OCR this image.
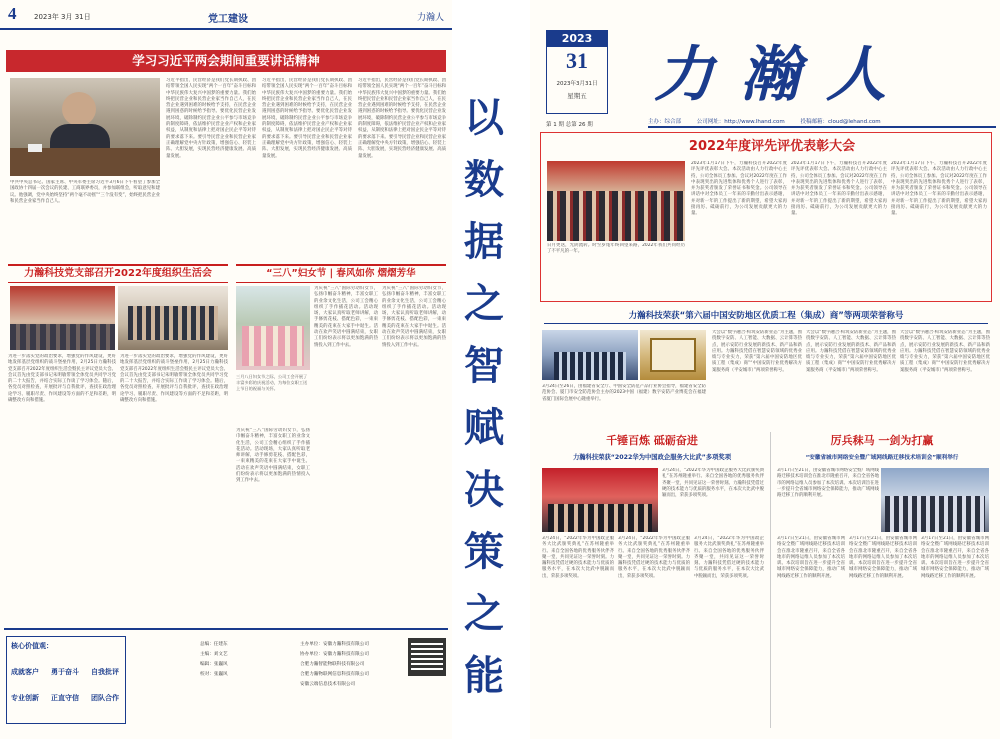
4	2023年 3月 31日	党工建设	力瀚人
学习习近平两会期间重要讲话精神
中共中央总书记、国家主席、中央军委主席习近平3月6日下午看望了参加全国政协十四届一次会议的民建、工商联界委员，并参加联组会，听取意见和建议。他强调，党中央始终坚持“两个毫不动摇”“三个没有变”，始终把民营企业和民营企业家当作自己人。
习近平指出，民营经济是我们党长期执政、团结带领全国人民实现“两个一百年”奋斗目标和中华民族伟大复兴中国梦的重要力量。我们始终把民营企业和民营企业家当作自己人，在民营企业遇到困难的时候给予支持，在民营企业遇到困惑的时候给予指导。要优化民营企业发展环境，破除制约民营企业公平参与市场竞争的制度障碍，依法维护民营企业产权和企业家权益，从制度和法律上把对国企民企平等对待的要求落下来。要引导民营企业和民营企业家正确理解党中央方针政策，增强信心、轻装上阵、大胆发展，实现民营经济健康发展、高质量发展。
习近平指出，民营经济是我们党长期执政、团结带领全国人民实现“两个一百年”奋斗目标和中华民族伟大复兴中国梦的重要力量。我们始终把民营企业和民营企业家当作自己人，在民营企业遇到困难的时候给予支持，在民营企业遇到困惑的时候给予指导。要优化民营企业发展环境，破除制约民营企业公平参与市场竞争的制度障碍，依法维护民营企业产权和企业家权益，从制度和法律上把对国企民企平等对待的要求落下来。要引导民营企业和民营企业家正确理解党中央方针政策，增强信心、轻装上阵、大胆发展，实现民营经济健康发展、高质量发展。
习近平指出，民营经济是我们党长期执政、团结带领全国人民实现“两个一百年”奋斗目标和中华民族伟大复兴中国梦的重要力量。我们始终把民营企业和民营企业家当作自己人，在民营企业遇到困难的时候给予支持，在民营企业遇到困惑的时候给予指导。要优化民营企业发展环境，破除制约民营企业公平参与市场竞争的制度障碍，依法维护民营企业产权和企业家权益，从制度和法律上把对国企民企平等对待的要求落下来。要引导民营企业和民营企业家正确理解党中央方针政策，增强信心、轻装上阵、大胆发展，实现民营经济健康发展、高质量发展。
力瀚科技党支部召开2022年度组织生活会
为进一步落实党的政治要求，增强党的作风建设，更好地发挥基层党组织的战斗堡垒作用，2月25日力瀚科技党支部召开2022年度组织生活会暨民主评议党员大会。会议首先由党支部书记朱明敏带领全体党员共同学习党的二十大报告，并结合实际工作谈了学习体会。随后，各党员对照检查，开展批评与自我批评，查找在政治理论学习、履职尽责、作风建设等方面的不足和差距，明确整改方向和措施。
为进一步落实党的政治要求，增强党的作风建设，更好地发挥基层党组织的战斗堡垒作用，2月25日力瀚科技党支部召开2022年度组织生活会暨民主评议党员大会。会议首先由党支部书记朱明敏带领全体党员共同学习党的二十大报告，并结合实际工作谈了学习体会。随后，各党员对照检查，开展批评与自我批评，查找在政治理论学习、履职尽责、作风建设等方面的不足和差距，明确整改方向和措施。
“三八”妇女节 | 春风如你 熠熠芳华
三月八日妇女节之际，公司工会开展了丰富多彩的庆祝活动，为每位女职工送上节日的祝福与关怀。
为庆祝“三八”国际劳动妇女节，弘扬巾帼奋斗精神，丰富女职工的业余文化生活，公司工会精心组织了手作插花活动。活动现场，大家认真听取老师讲解，动手修剪花枝、搭配色彩，一束束精美的花束在大家手中诞生。活动在欢声笑语中圆满结束，女职工们纷纷表示将以更加饱满的热情投入到工作中去。
为庆祝“三八”国际劳动妇女节，弘扬巾帼奋斗精神，丰富女职工的业余文化生活，公司工会精心组织了手作插花活动。活动现场，大家认真听取老师讲解，动手修剪花枝、搭配色彩，一束束精美的花束在大家手中诞生。活动在欢声笑语中圆满结束，女职工们纷纷表示将以更加饱满的热情投入到工作中去。
为庆祝“三八”国际劳动妇女节，弘扬巾帼奋斗精神，丰富女职工的业余文化生活，公司工会精心组织了手作插花活动。活动现场，大家认真听取老师讲解，动手修剪花枝、搭配色彩，一束束精美的花束在大家手中诞生。活动在欢声笑语中圆满结束，女职工们纷纷表示将以更加饱满的热情投入到工作中去。
核心价值观：
成就客户 勇于奋斗 自我批评
专业创新 正直守信 团队合作
总编：任建东
主编：刘文艺
编辑：张巍风
校对：张巍风
主办单位：安徽力瀚科技有限公司
协办单位：安徽力瀚科技有限公司
合肥力瀚智能物联科技有限公司
合肥力瀚物联网信息科技有限公司
安徽云端信息技术有限公司
以
数
据
之
智
赋
决
策
之
能
2023
31
2023年3月31日
星期五
第 1 期 总第 26 期
力瀚人
主办：综合部	公司网址：http://www.lhand.com	投稿邮箱：cloud@lehand.com
2022年度评先评优表彰大会
日月更迭，光阴流转。时至岁尾年终回望来路，2022年我们共同经历了不平凡的一年。
2023年1月17日下午，力瀚科技召开2022年度评先评优表彰大会。本次活动由人力行政中心主持，公司全体员工参加。会议对2022年度在工作中表现突出的先进集体和优秀个人进行了表彰，并为获奖者颁发了荣誉证书和奖金。公司领导在讲话中对全体员工一年来的辛勤付出表示感谢，并对新一年的工作提出了新的期望，希望大家再接再厉、砥砺前行，为公司发展贡献更大的力量。
2023年1月17日下午，力瀚科技召开2022年度评先评优表彰大会。本次活动由人力行政中心主持，公司全体员工参加。会议对2022年度在工作中表现突出的先进集体和优秀个人进行了表彰，并为获奖者颁发了荣誉证书和奖金。公司领导在讲话中对全体员工一年来的辛勤付出表示感谢，并对新一年的工作提出了新的期望，希望大家再接再厉、砥砺前行，为公司发展贡献更大的力量。
2023年1月17日下午，力瀚科技召开2022年度评先评优表彰大会。本次活动由人力行政中心主持，公司全体员工参加。会议对2022年度在工作中表现突出的先进集体和优秀个人进行了表彰，并为获奖者颁发了荣誉证书和奖金。公司领导在讲话中对全体员工一年来的辛勤付出表示感谢，并对新一年的工作提出了新的期望，希望大家再接再厉、砥砺前行，为公司发展贡献更大的力量。
力瀚科技荣获“第六届中国安防地区优质工程（集成）商”等两项荣誉称号
3月24日至26日，由福建省安全厅、中国安全防范产品行业协会指导，福建省安全防范协会、厦门市安全防范协会主办的2023中国（福建）数字安防产业博览会在福建省厦门国际会展中心隆重举行。
大会以“数字融合·构筑安防新业态”为主题，围绕数字安防、人工智能、大数据、云计算等热点，展示安防行业发展的新技术、新产品和新应用。力瀚科技凭借在智慧安防领域的优秀业绩与专业实力，荣获“第六届中国安防地区优质工程（集成）商”“中国安防行业优秀解决方案服务商（平安城市）”两项荣誉称号。
大会以“数字融合·构筑安防新业态”为主题，围绕数字安防、人工智能、大数据、云计算等热点，展示安防行业发展的新技术、新产品和新应用。力瀚科技凭借在智慧安防领域的优秀业绩与专业实力，荣获“第六届中国安防地区优质工程（集成）商”“中国安防行业优秀解决方案服务商（平安城市）”两项荣誉称号。
大会以“数字融合·构筑安防新业态”为主题，围绕数字安防、人工智能、大数据、云计算等热点，展示安防行业发展的新技术、新产品和新应用。力瀚科技凭借在智慧安防领域的优秀业绩与专业实力，荣获“第六届中国安防地区优质工程（集成）商”“中国安防行业优秀解决方案服务商（平安城市）”两项荣誉称号。
千锤百炼 砥砺奋进
力瀚科技荣获“2022华为中国政企服务大比武”多项奖项
3月24日，“2022年华为中国政企服务大比武颁奖典礼”在苏州隆重举行。来自全国各地的优秀服务伙伴齐聚一堂，共同见证这一荣誉时刻。力瀚科技凭借过硬的技术能力与优质的服务水平，在本次大比武中脱颖而出，荣获多项奖项。
3月24日，“2022年华为中国政企服务大比武颁奖典礼”在苏州隆重举行。来自全国各地的优秀服务伙伴齐聚一堂，共同见证这一荣誉时刻。力瀚科技凭借过硬的技术能力与优质的服务水平，在本次大比武中脱颖而出，荣获多项奖项。
3月24日，“2022年华为中国政企服务大比武颁奖典礼”在苏州隆重举行。来自全国各地的优秀服务伙伴齐聚一堂，共同见证这一荣誉时刻。力瀚科技凭借过硬的技术能力与优质的服务水平，在本次大比武中脱颖而出，荣获多项奖项。
3月24日，“2022年华为中国政企服务大比武颁奖典礼”在苏州隆重举行。来自全国各地的优秀服务伙伴齐聚一堂，共同见证这一荣誉时刻。力瀚科技凭借过硬的技术能力与优质的服务水平，在本次大比武中脱颖而出，荣获多项奖项。
厉兵秣马 一剑为打赢
“安徽省城市网络安全暨广域网线路迁移技术培训会”顺利举行
3月17日至21日，由安徽省城市网络安全暨广域网线路迁移技术培训会在淮北市隆重召开，来自全省各地市的网络运维人员参加了本次培训。本次培训旨在进一步提升全省城市网络安全保障能力，推动广域网线路迁移工作的顺利开展。
3月17日至21日，由安徽省城市网络安全暨广域网线路迁移技术培训会在淮北市隆重召开，来自全省各地市的网络运维人员参加了本次培训。本次培训旨在进一步提升全省城市网络安全保障能力，推动广域网线路迁移工作的顺利开展。
3月17日至21日，由安徽省城市网络安全暨广域网线路迁移技术培训会在淮北市隆重召开，来自全省各地市的网络运维人员参加了本次培训。本次培训旨在进一步提升全省城市网络安全保障能力，推动广域网线路迁移工作的顺利开展。
3月17日至21日，由安徽省城市网络安全暨广域网线路迁移技术培训会在淮北市隆重召开，来自全省各地市的网络运维人员参加了本次培训。本次培训旨在进一步提升全省城市网络安全保障能力，推动广域网线路迁移工作的顺利开展。
